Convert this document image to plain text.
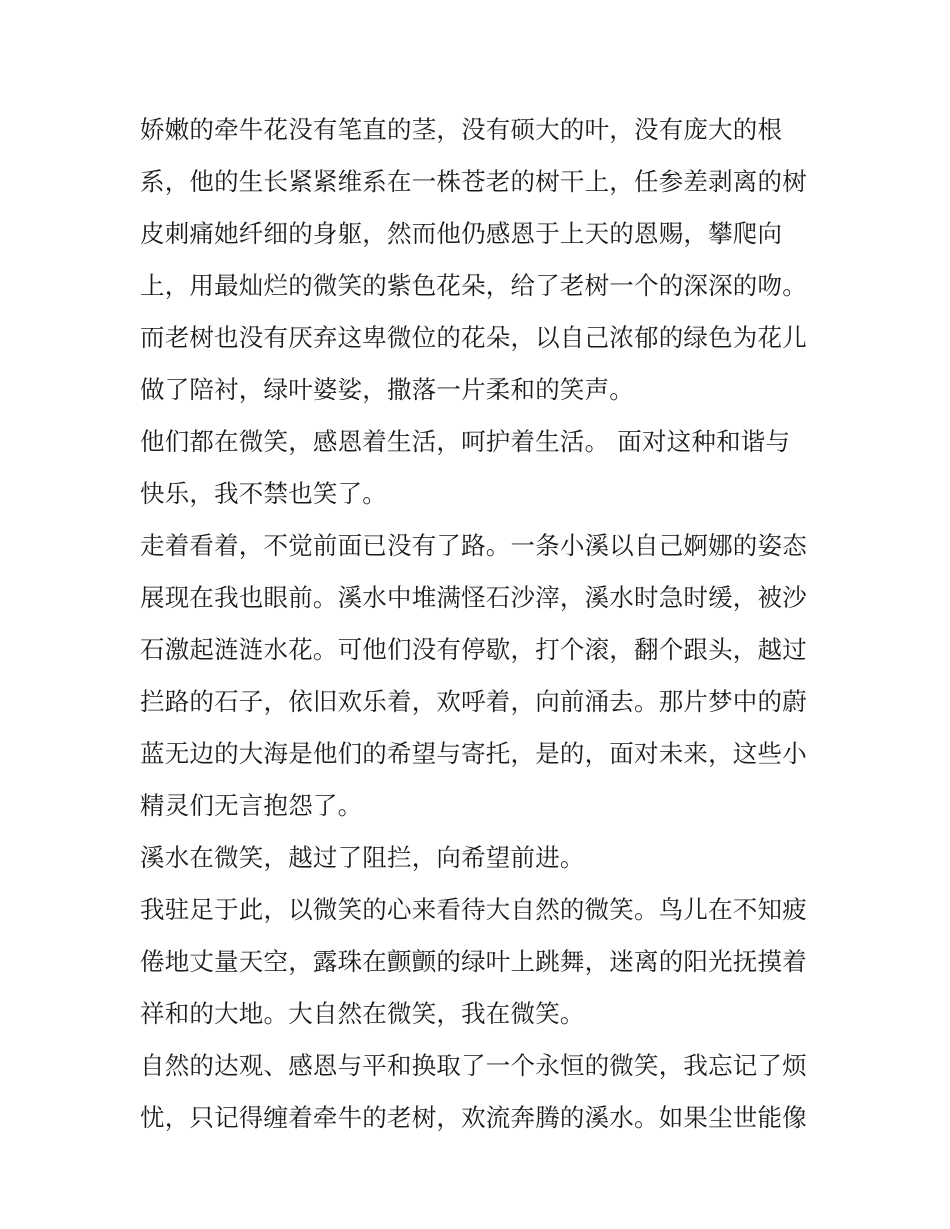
娇嫩的牵牛花没有笔直的茎，没有硕大的叶，没有庞大的根

系，他的生长紧紧维系在一株苍老的树干上，任参差剥离的树

皮刺痛她纤细的身躯，然而他仍感恩于上天的恩赐，攀爬向

上，用最灿烂的微笑的紫色花朵，给了老树一个的深深的吻。

而老树也没有厌弃这卑微位的花朵，以自己浓郁的绿色为花儿

做了陪衬，绿叶婆娑，撒落一片柔和的笑声。

他们都在微笑，感恩着生活，呵护着生活。 面对这种和谐与

快乐，我不禁也笑了。

走着看着，不觉前面已没有了路。一条小溪以自己婀娜的姿态

展现在我也眼前。溪水中堆满怪石沙滓，溪水时急时缓，被沙

石激起涟涟水花。可他们没有停歇，打个滚，翻个跟头，越过

拦路的石子，依旧欢乐着，欢呼着，向前涌去。那片梦中的蔚

蓝无边的大海是他们的希望与寄托，是的，面对未来，这些小

精灵们无言抱怨了。

溪水在微笑，越过了阻拦，向希望前进。

我驻足于此，以微笑的心来看待大自然的微笑。鸟儿在不知疲

倦地丈量天空，露珠在颤颤的绿叶上跳舞，迷离的阳光抚摸着

祥和的大地。大自然在微笑，我在微笑。

自然的达观、感恩与平和换取了一个永恒的微笑，我忘记了烦

忧，只记得缠着牵牛的老树，欢流奔腾的溪水。如果尘世能像
